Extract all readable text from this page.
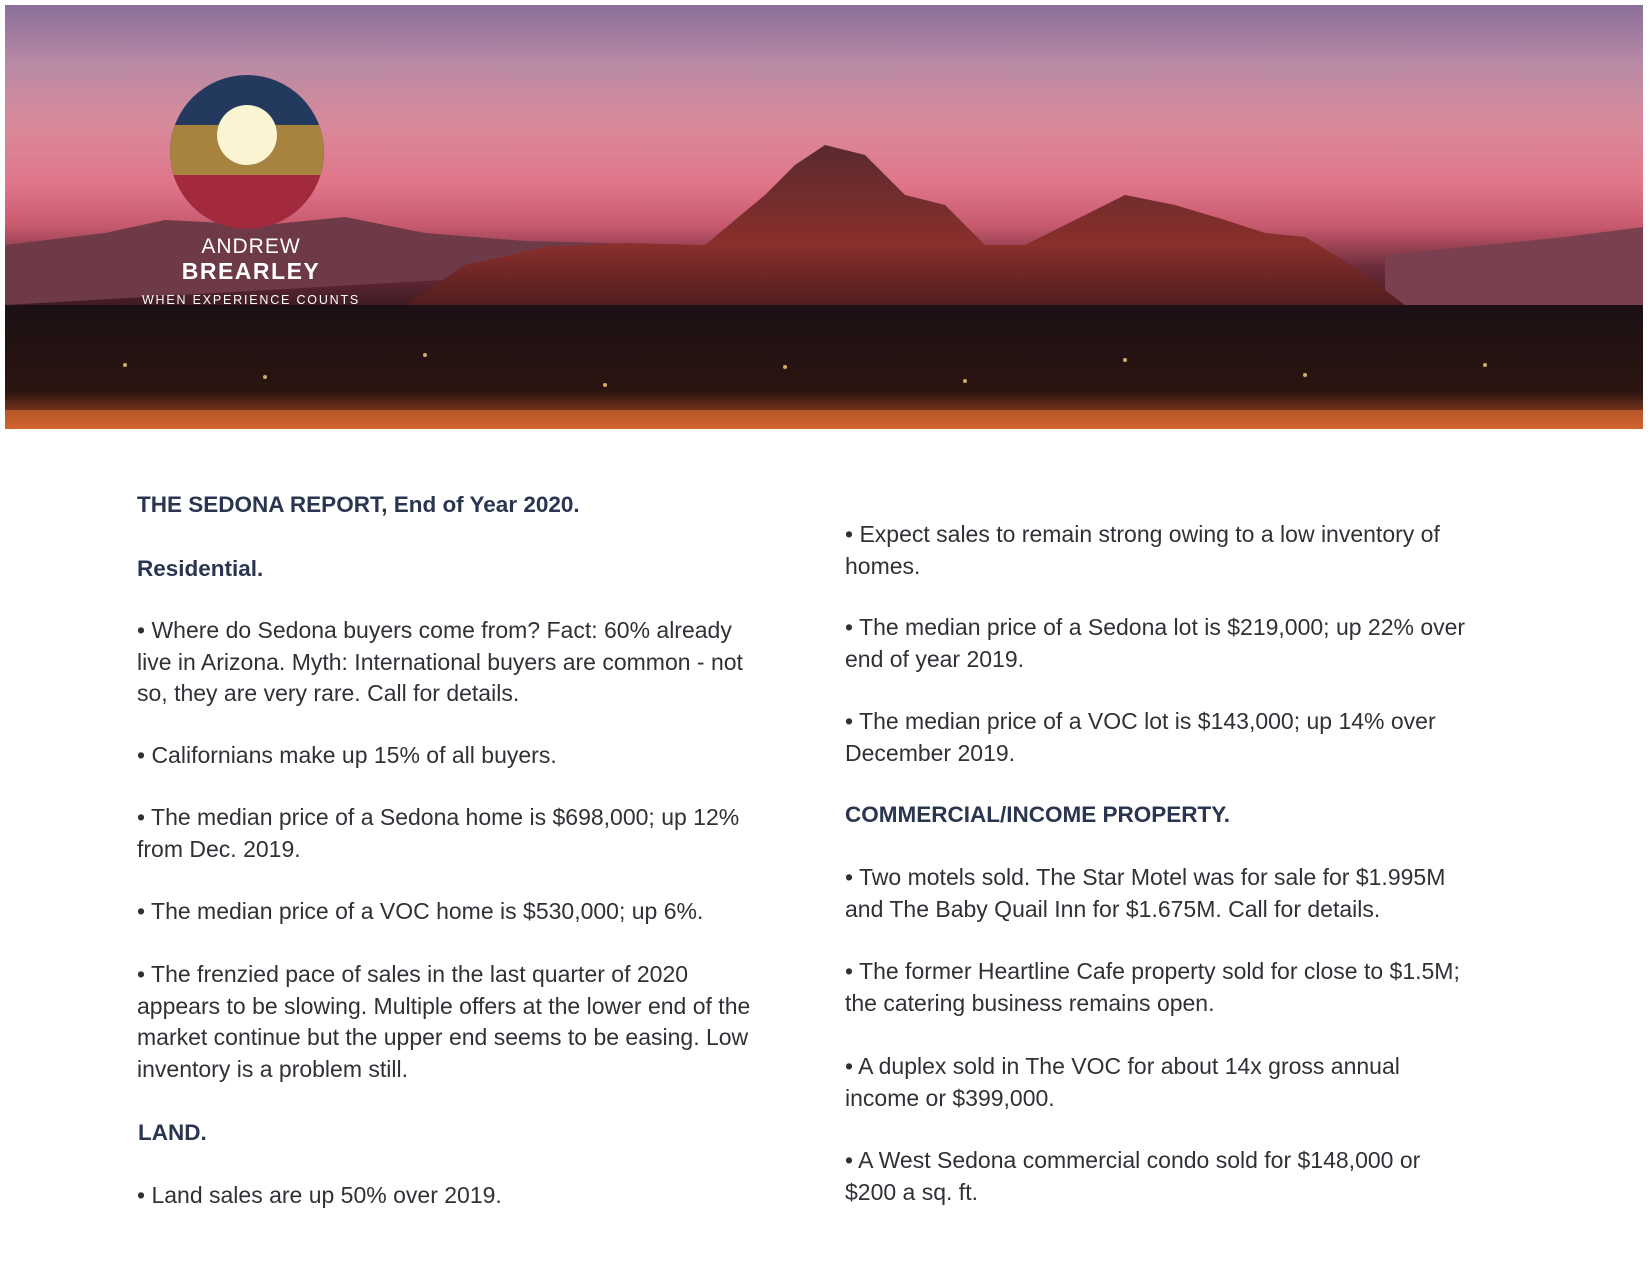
ANDREW
BREARLEY
WHEN EXPERIENCE COUNTS
THE SEDONA REPORT, End of Year 2020.
Residential.
LAND.
COMMERCIAL/INCOME PROPERTY.
• Where do Sedona buyers come from? Fact: 60% already
live in Arizona. Myth: International buyers are common - not
so, they are very rare. Call for details.
• Californians make up 15% of all buyers.
• The median price of a Sedona home is $698,000; up 12%
from Dec. 2019.
• The median price of a VOC home is $530,000; up 6%.
• The frenzied pace of sales in the last quarter of 2020
appears to be slowing. Multiple offers at the lower end of the
market continue but the upper end seems to be easing. Low
inventory is a problem still.
• Land sales are up 50% over 2019.
• Expect sales to remain strong owing to a low inventory of
homes.
• The median price of a Sedona lot is $219,000; up 22% over
end of year 2019.
• The median price of a VOC lot is $143,000; up 14% over
December 2019.
• Two motels sold. The Star Motel was for sale for $1.995M
and The Baby Quail Inn for $1.675M. Call for details.
• The former Heartline Cafe property sold for close to $1.5M;
the catering business remains open.
• A duplex sold in The VOC for about 14x gross annual
income or $399,000.
• A West Sedona commercial condo sold for $148,000 or
$200 a sq. ft.
